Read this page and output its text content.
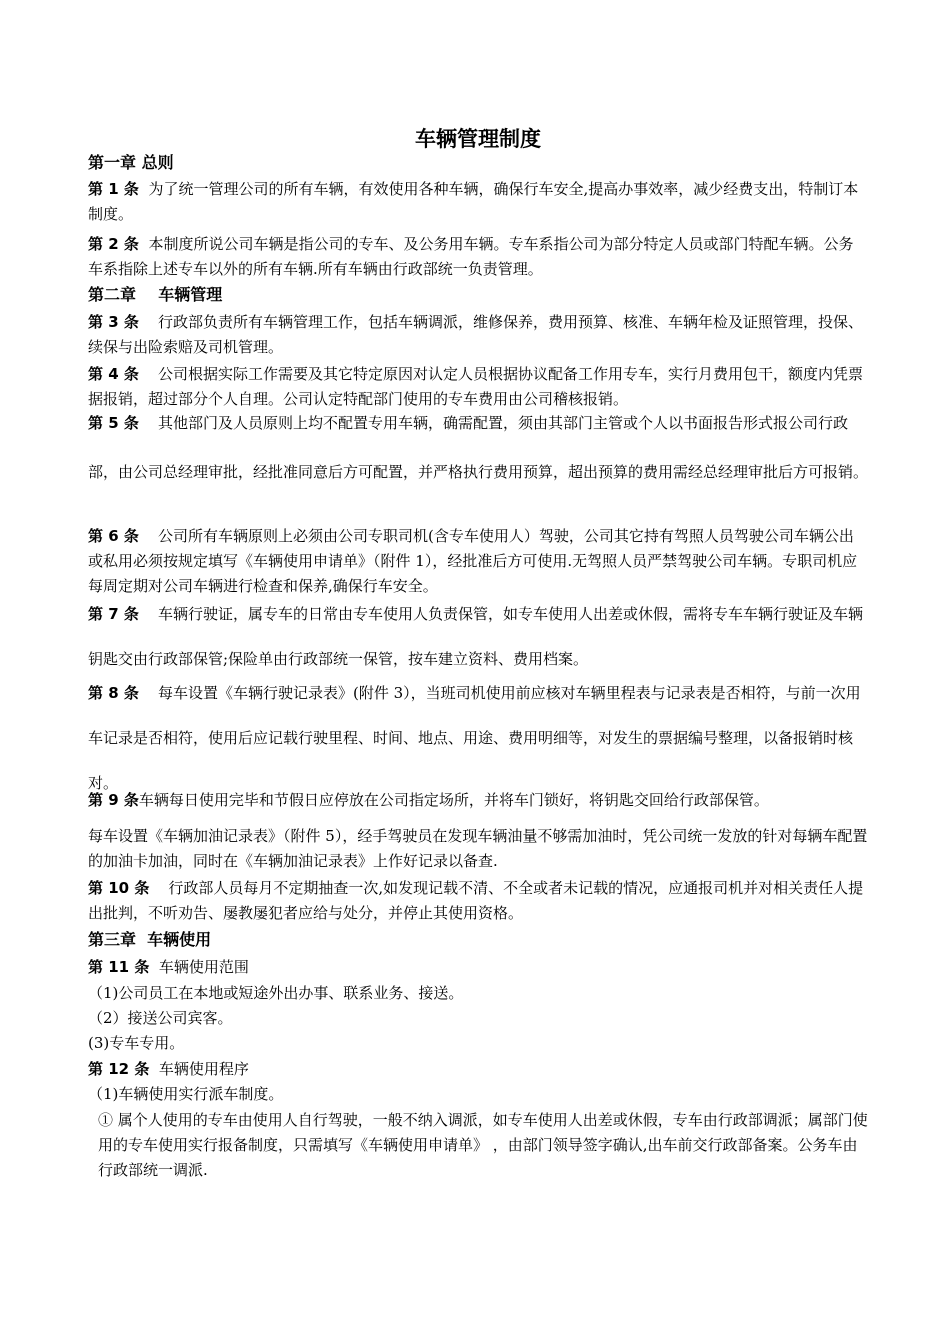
车辆管理制度
第一章 总则

第 1 条 为了统一管理公司的所有车辆，有效使用各种车辆，确保行车安全,提高办事效率，减少经费支出，特制订本制度。

第 2 条 本制度所说公司车辆是指公司的专车、及公务用车辆。专车系指公司为部分特定人员或部门特配车辆。公务车系指除上述专车以外的所有车辆.所有车辆由行政部统一负责管理。

第二章    车辆管理

第 3 条 行政部负责所有车辆管理工作，包括车辆调派，维修保养，费用预算、核准、车辆年检及证照管理，投保、续保与出险索赔及司机管理。

第 4 条 公司根据实际工作需要及其它特定原因对认定人员根据协议配备工作用专车，实行月费用包干，额度内凭票据报销，超过部分个人自理。公司认定特配部门使用的专车费用由公司稽核报销。

第 5 条 其他部门及人员原则上均不配置专用车辆，确需配置，须由其部门主管或个人以书面报告形式报公司行政部，由公司总经理审批，经批准同意后方可配置，并严格执行费用预算，超出预算的费用需经总经理审批后方可报销。

第 6 条 公司所有车辆原则上必须由公司专职司机(含专车使用人）驾驶，公司其它持有驾照人员驾驶公司车辆公出或私用必须按规定填写《车辆使用申请单》（附件 1），经批准后方可使用.无驾照人员严禁驾驶公司车辆。专职司机应每周定期对公司车辆进行检查和保养,确保行车安全。

第 7 条 车辆行驶证，属专车的日常由专车使用人负责保管，如专车使用人出差或休假，需将专车车辆行驶证及车辆钥匙交由行政部保管;保险单由行政部统一保管，按车建立资料、费用档案。

第 8 条 每车设置《车辆行驶记录表》(附件 3），当班司机使用前应核对车辆里程表与记录表是否相符，与前一次用车记录是否相符，使用后应记载行驶里程、时间、地点、用途、费用明细等，对发生的票据编号整理，以备报销时核对。

第 9 条车辆每日使用完毕和节假日应停放在公司指定场所，并将车门锁好，将钥匙交回给行政部保管。

每车设置《车辆加油记录表》（附件 5），经手驾驶员在发现车辆油量不够需加油时，凭公司统一发放的针对每辆车配置的加油卡加油，同时在《车辆加油记录表》上作好记录以备查.

第 10 条 行政部人员每月不定期抽查一次,如发现记载不清、不全或者未记载的情况，应通报司机并对相关责任人提出批判，不听劝告、屡教屡犯者应给与处分，并停止其使用资格。

第三章  车辆使用

第 11 条 车辆使用范围

（1)公司员工在本地或短途外出办事、联系业务、接送。

（2）接送公司宾客。

(3)专车专用。

第 12 条 车辆使用程序

（1)车辆使用实行派车制度。

① 属个人使用的专车由使用人自行驾驶，一般不纳入调派，如专车使用人出差或休假，专车由行政部调派；属部门使用的专车使用实行报备制度，只需填写《车辆使用申请单》 ，由部门领导签字确认,出车前交行政部备案。公务车由行政部统一调派.
